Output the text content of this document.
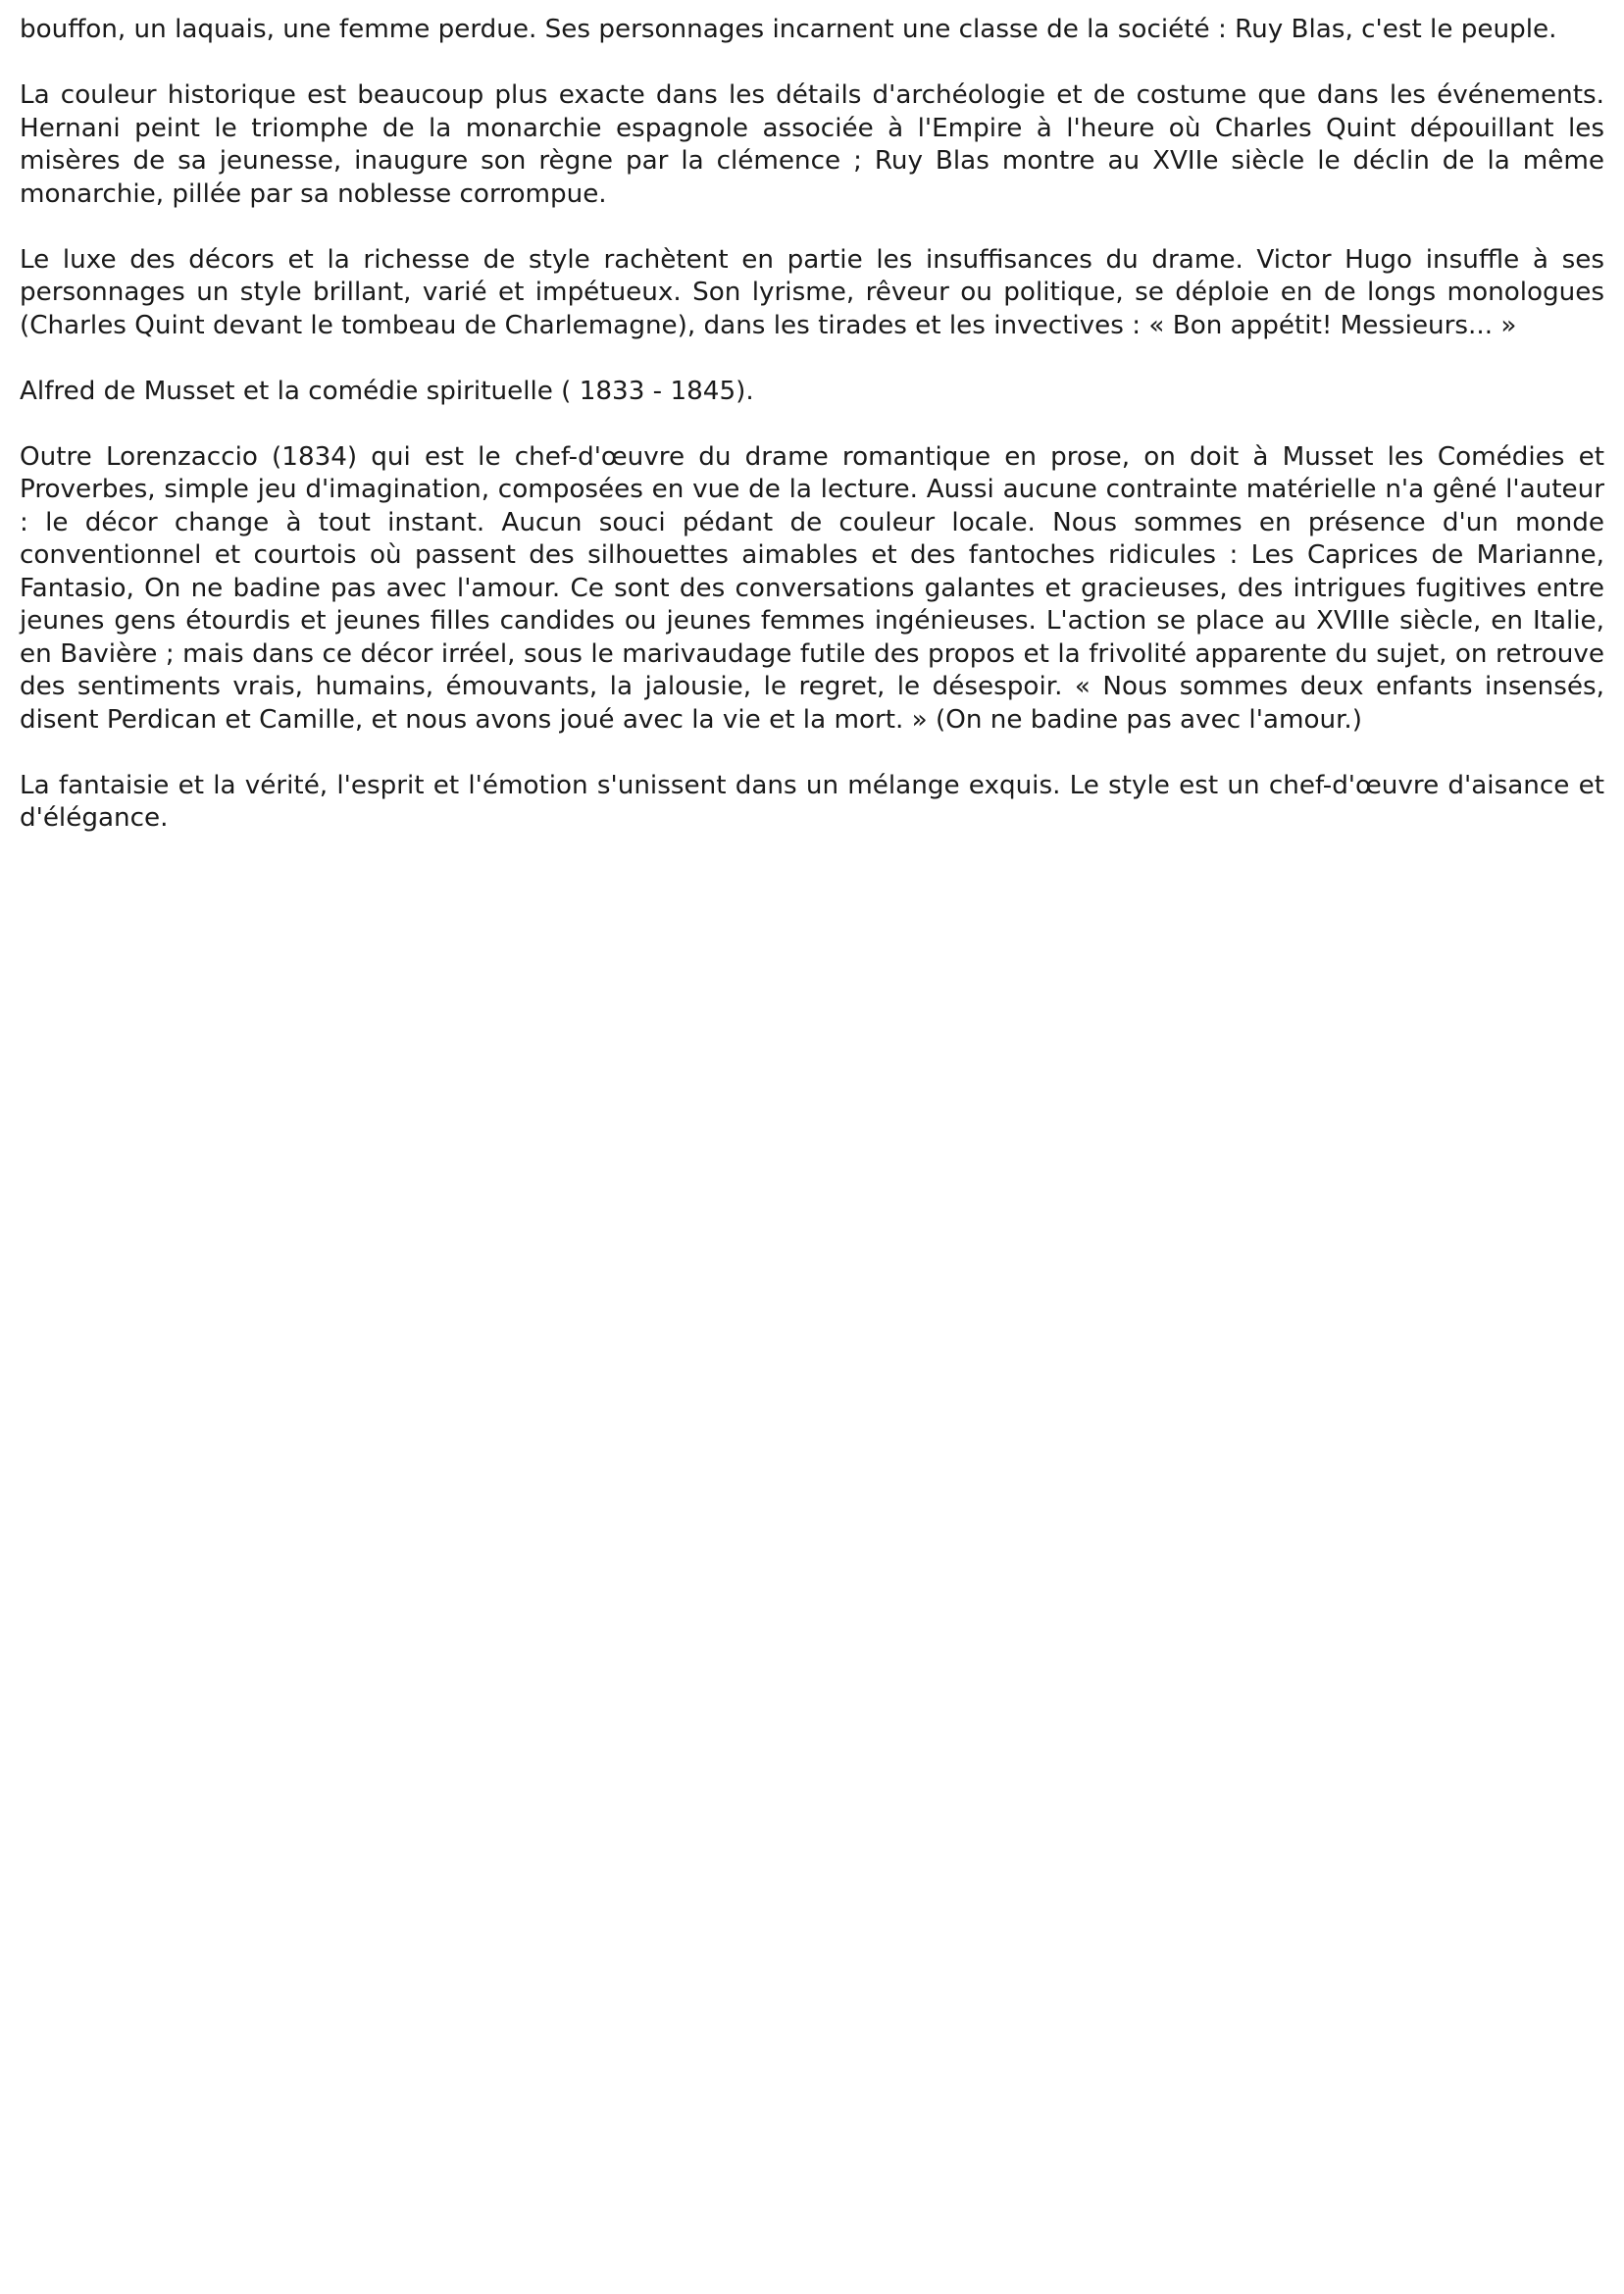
bouffon, un laquais, une femme perdue. Ses personnages incarnent une classe de la société : Ruy Blas, c'est le peuple.

La couleur historique est beaucoup plus exacte dans les détails d'archéologie et de costume que dans les événements. Hernani peint le triomphe de la monarchie espagnole associée à l'Empire à l'heure où Charles Quint dépouillant les misères de sa jeunesse, inaugure son règne par la clémence ; Ruy Blas montre au XVIIe siècle le déclin de la même monarchie, pillée par sa noblesse corrompue.

Le luxe des décors et la richesse de style rachètent en partie les insuffisances du drame. Victor Hugo insuffle à ses personnages un style brillant, varié et impétueux. Son lyrisme, rêveur ou politique, se déploie en de longs monologues (Charles Quint devant le tombeau de Charlemagne), dans les tirades et les invectives : « Bon appétit! Messieurs... »

Alfred de Musset et la comédie spirituelle ( 1833 - 1845).

Outre Lorenzaccio (1834) qui est le chef-d'œuvre du drame romantique en prose, on doit à Musset les Comédies et Proverbes, simple jeu d'imagination, composées en vue de la lecture. Aussi aucune contrainte matérielle n'a gêné l'auteur : le décor change à tout instant. Aucun souci pédant de couleur locale. Nous sommes en présence d'un monde conventionnel et courtois où passent des silhouettes aimables et des fantoches ridicules : Les Caprices de Marianne, Fantasio, On ne badine pas avec l'amour. Ce sont des conversations galantes et gracieuses, des intrigues fugitives entre jeunes gens étourdis et jeunes filles candides ou jeunes femmes ingénieuses. L'action se place au XVIIIe siècle, en Italie, en Bavière ; mais dans ce décor irréel, sous le marivaudage futile des propos et la frivolité apparente du sujet, on retrouve des sentiments vrais, humains, émouvants, la jalousie, le regret, le désespoir. « Nous sommes deux enfants insensés, disent Perdican et Camille, et nous avons joué avec la vie et la mort. » (On ne badine pas avec l'amour.)

La fantaisie et la vérité, l'esprit et l'émotion s'unissent dans un mélange exquis. Le style est un chef-d'œuvre d'aisance et d'élégance.
